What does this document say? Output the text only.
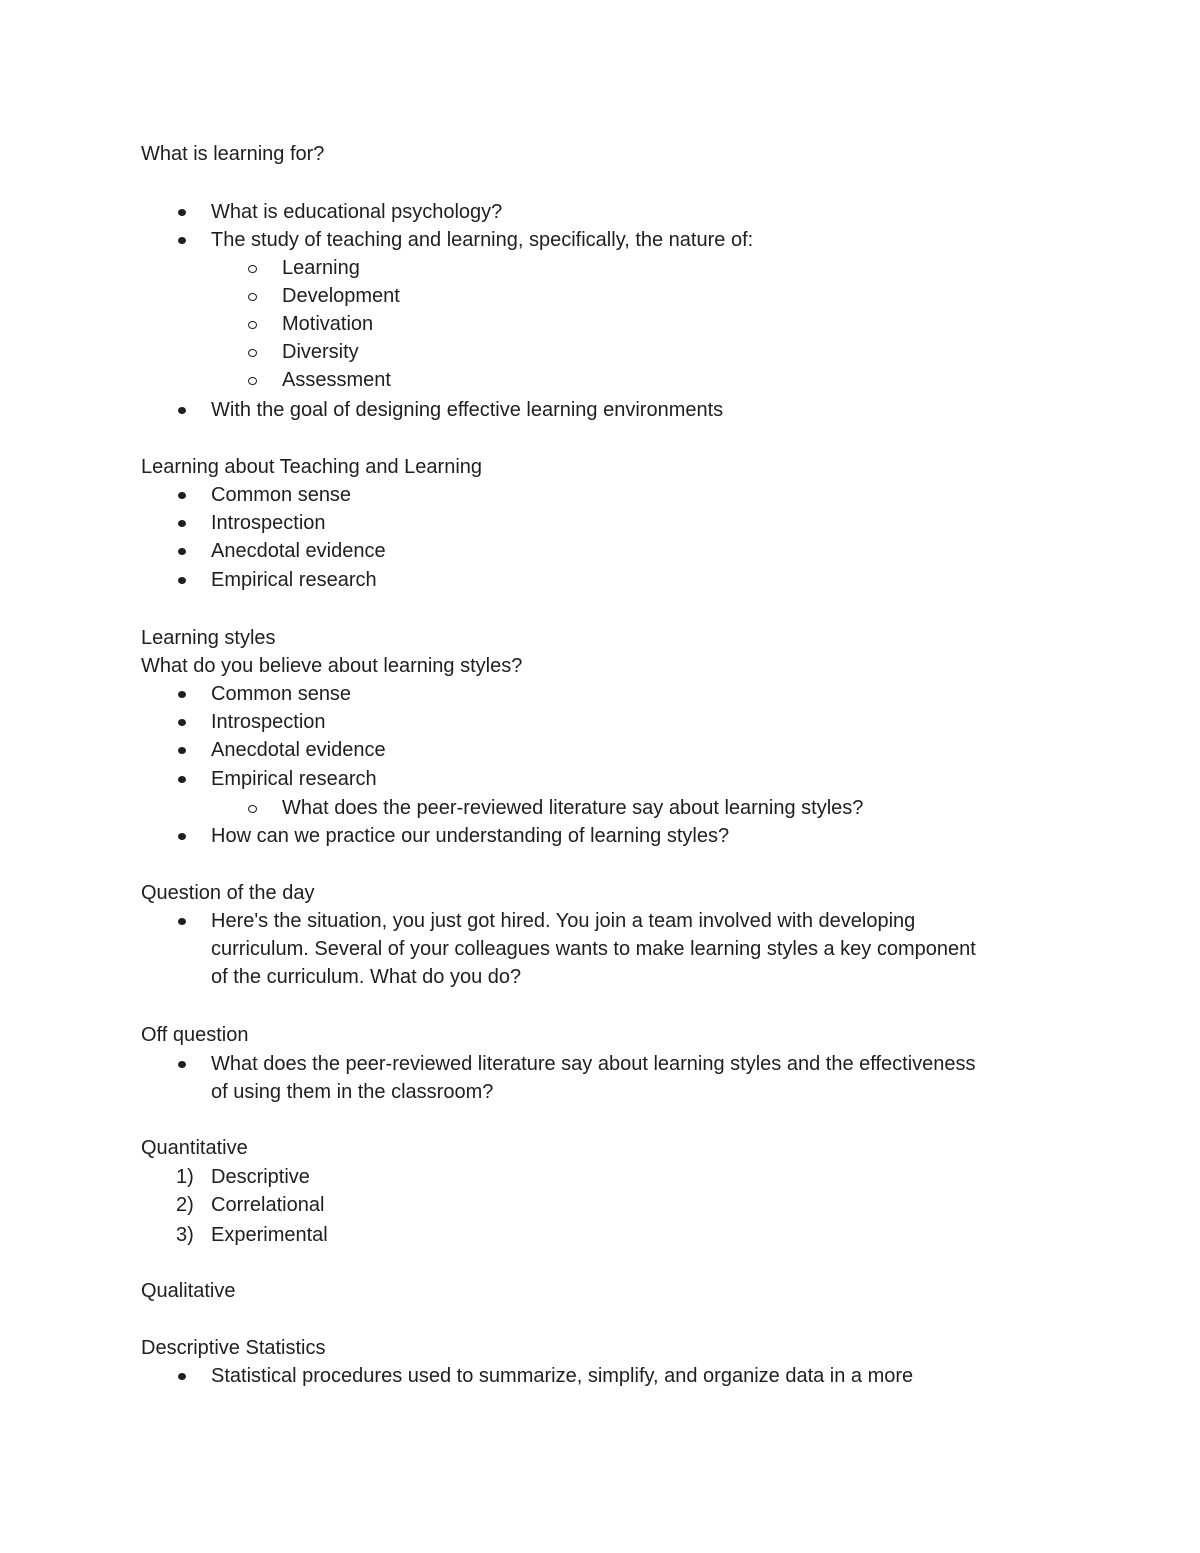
What is learning for?
What is educational psychology?
The study of teaching and learning, specifically, the nature of:
Learning
Development
Motivation
Diversity
Assessment
With the goal of designing effective learning environments
Learning about Teaching and Learning
Common sense
Introspection
Anecdotal evidence
Empirical research
Learning styles
What do you believe about learning styles?
Common sense
Introspection
Anecdotal evidence
Empirical research
What does the peer-reviewed literature say about learning styles?
How can we practice our understanding of learning styles?
Question of the day
Here's the situation, you just got hired. You join a team involved with developing
curriculum. Several of your colleagues wants to make learning styles a key component
of the curriculum. What do you do?
Off question
What does the peer-reviewed literature say about learning styles and the effectiveness
of using them in the classroom?
Quantitative
1) Descriptive
2) Correlational
3) Experimental
Qualitative
Descriptive Statistics
Statistical procedures used to summarize, simplify, and organize data in a more
